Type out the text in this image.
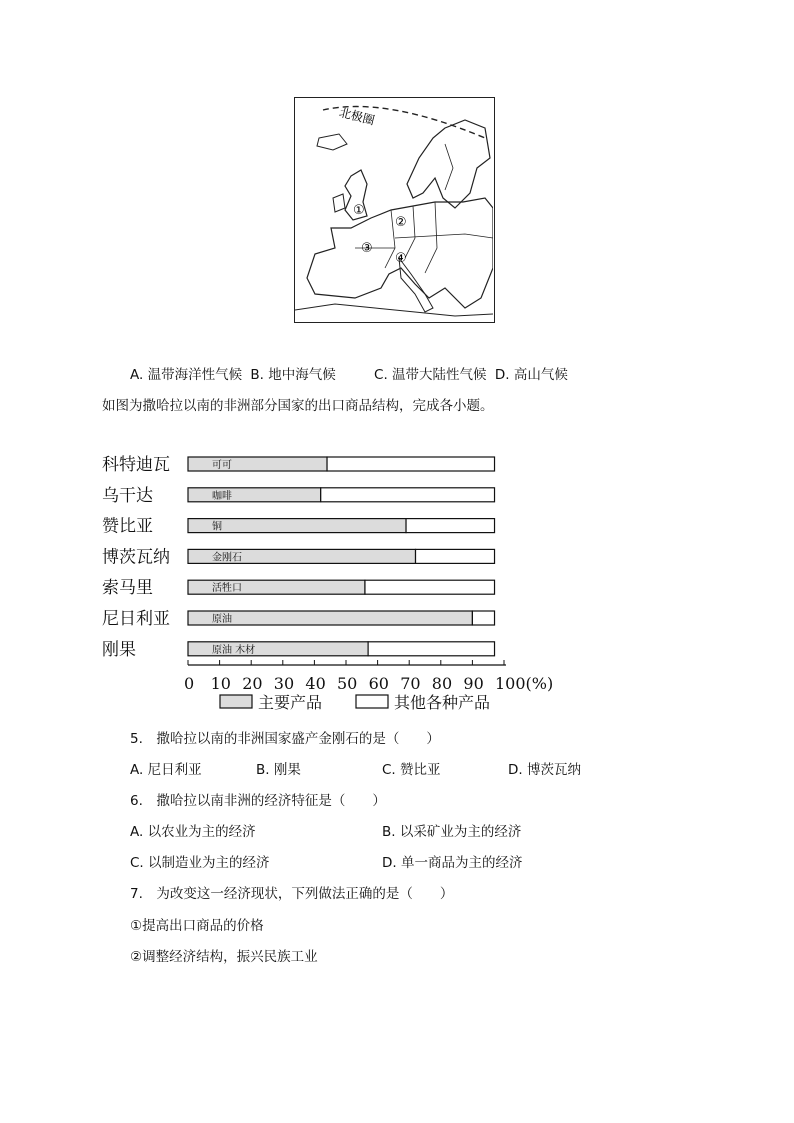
北极圈
①
②
③
④
A. 温带海洋性气候 B. 地中海气候	C. 温带大陆性气候 D. 高山气候
如图为撒哈拉以南的非洲部分国家的出口商品结构，完成各小题。
科特迪瓦	可可
乌干达	咖啡
赞比亚	铜
博茨瓦纳	金刚石
索马里	活牲口
尼日利亚	原油
刚果	原油 木材
0 10 20 30 40 50 60 70 80 90 100(%)
主要产品	其他各种产品
5.　撒哈拉以南的非洲国家盛产金刚石的是（　　）
A. 尼日利亚	B. 刚果	C. 赞比亚	D. 博茨瓦纳
6.　撒哈拉以南非洲的经济特征是（　　）
A. 以农业为主的经济	B. 以采矿业为主的经济
C. 以制造业为主的经济	D. 单一商品为主的经济
7.　为改变这一经济现状，下列做法正确的是（　　）
①提高出口商品的价格
②调整经济结构，振兴民族工业
